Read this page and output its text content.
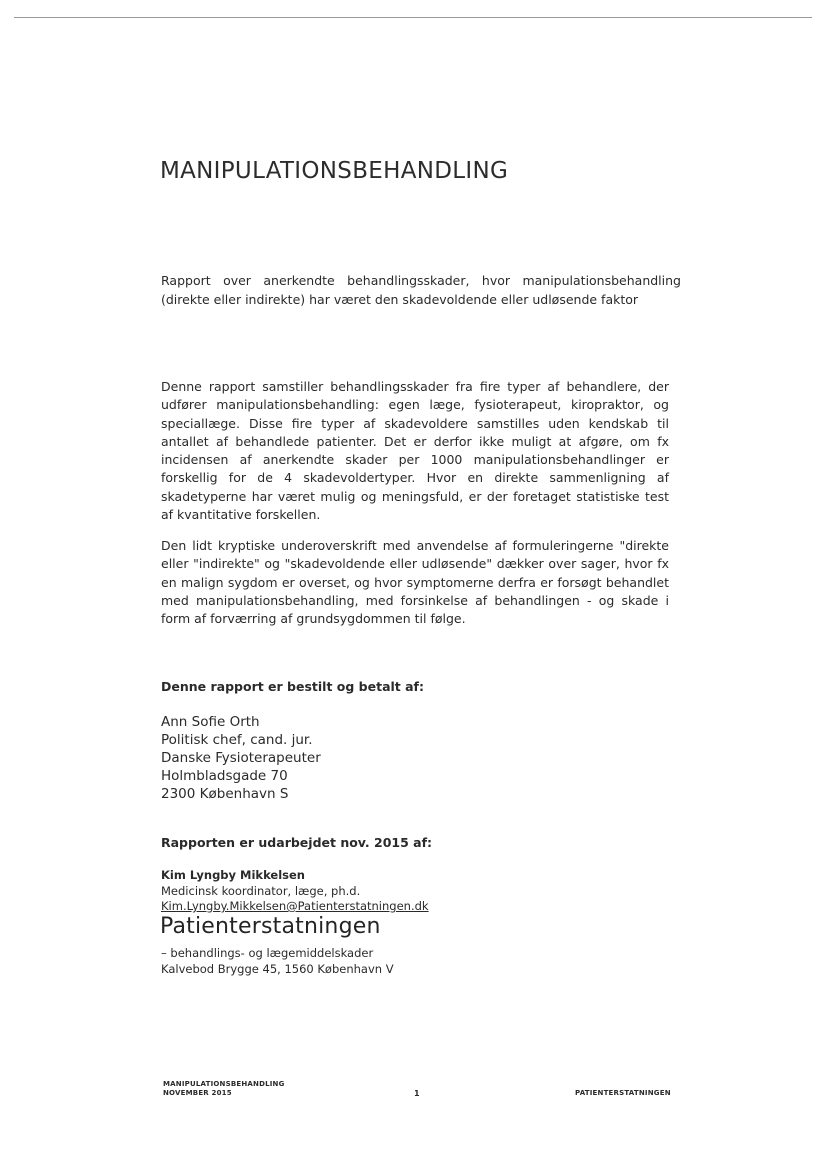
MANIPULATIONSBEHANDLING
Rapport over anerkendte behandlingsskader, hvor manipulationsbehandling (direkte eller indirekte) har været den skadevoldende eller udløsende faktor
Denne rapport samstiller behandlingsskader fra fire typer af behandlere, der udfører manipulationsbehandling: egen læge, fysioterapeut, kiropraktor, og speciallæge. Disse fire typer af skadevoldere samstilles uden kendskab til antallet af behandlede patienter. Det er derfor ikke muligt at afgøre, om fx incidensen af anerkendte skader per 1000 manipulationsbehandlinger er forskellig for de 4 skadevoldertyper. Hvor en direkte sammenligning af skadetyperne har været mulig og meningsfuld, er der foretaget statistiske test af kvantitative forskellen.
Den lidt kryptiske underoverskrift med anvendelse af formuleringerne "direkte eller "indirekte" og "skadevoldende eller udløsende" dækker over sager, hvor fx en malign sygdom er overset, og hvor symptomerne derfra er forsøgt behandlet med manipulationsbehandling, med forsinkelse af behandlingen - og skade i form af forværring af grundsygdommen til følge.
Denne rapport er bestilt og betalt af:
Ann Sofie Orth
Politisk chef, cand. jur.
Danske Fysioterapeuter
Holmbladsgade 70
2300 København S
Rapporten er udarbejdet nov. 2015 af:
Kim Lyngby Mikkelsen
Medicinsk koordinator, læge, ph.d.
Kim.Lyngby.Mikkelsen@Patienterstatningen.dk
Patienterstatningen
– behandlings- og lægemiddelskader
Kalvebod Brygge 45, 1560 København V
MANIPULATIONSBEHANDLING
NOVEMBER 2015	1	PATIENTERSTATNINGEN
